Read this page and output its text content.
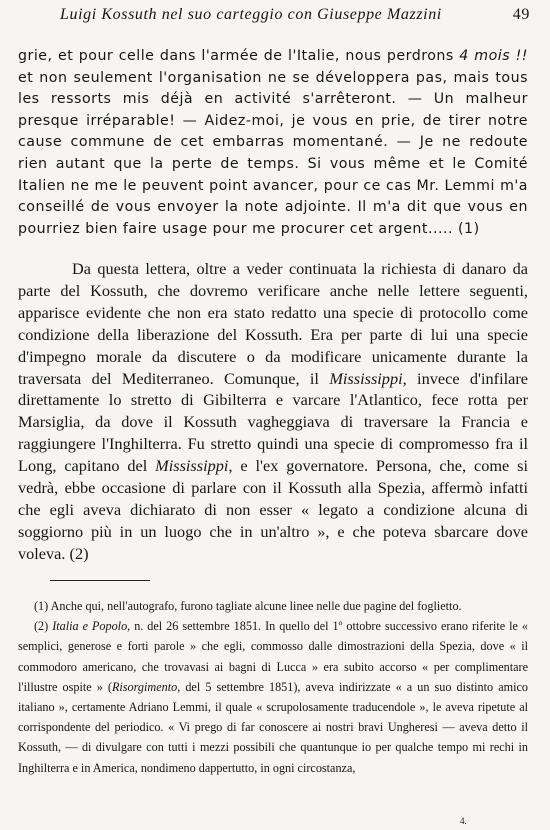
Luigi Kossuth nel suo carteggio con Giuseppe Mazzini	49

grie, et pour celle dans l'armée de l'Italie, nous perdrons 4 mois !! et non seulement l'organisation ne se développera pas, mais tous les ressorts mis déjà en activité s'arrêteront. — Un malheur presque irréparable! — Aidez-moi, je vous en prie, de tirer notre cause commune de cet embarras momentané. — Je ne redoute rien autant que la perte de temps. Si vous même et le Comité Italien ne me le peuvent point avancer, pour ce cas Mr. Lemmi m'a conseillé de vous envoyer la note adjointe. Il m'a dit que vous en pourriez bien faire usage pour me procurer cet argent..... (1)

Da questa lettera, oltre a veder continuata la richiesta di danaro da parte del Kossuth, che dovremo verificare anche nelle lettere seguenti, apparisce evidente che non era stato redatto una specie di protocollo come condizione della liberazione del Kossuth. Era per parte di lui una specie d'impegno morale da discutere o da modificare unicamente durante la traversata del Mediterraneo. Comunque, il Mississippi, invece d'infilare direttamente lo stretto di Gibilterra e varcare l'Atlantico, fece rotta per Marsiglia, da dove il Kossuth vagheggiava di traversare la Francia e raggiungere l'Inghilterra. Fu stretto quindi una specie di compromesso fra il Long, capitano del Mississippi, e l'ex governatore. Persona, che, come si vedrà, ebbe occasione di parlare con il Kossuth alla Spezia, affermò infatti che egli aveva dichiarato di non esser « legato a condizione alcuna di soggiorno più in un luogo che in un'altro », e che poteva sbarcare dove voleva. (2)

(1) Anche qui, nell'autografo, furono tagliate alcune linee nelle due pagine del foglietto.

(2) Italia e Popolo, n. del 26 settembre 1851. In quello del 1º ottobre successivo erano riferite le « semplici, generose e forti parole » che egli, commosso dalle dimostrazioni della Spezia, dove « il commodoro americano, che trovavasi ai bagni di Lucca » era subito accorso « per complimentare l'illustre ospite » (Risorgimento, del 5 settembre 1851), aveva indirizzate « a un suo distinto amico italiano », certamente Adriano Lemmi, il quale « scrupolosamente traducendole », le aveva ripetute al corrispondente del periodico. « Vi prego di far conoscere ai nostri bravi Ungheresi — aveva detto il Kossuth, — di divulgare con tutti i mezzi possibili che quantunque io per qualche tempo mi rechi in Inghilterra e in America, nondimeno dappertutto, in ogni circostanza,

4.
